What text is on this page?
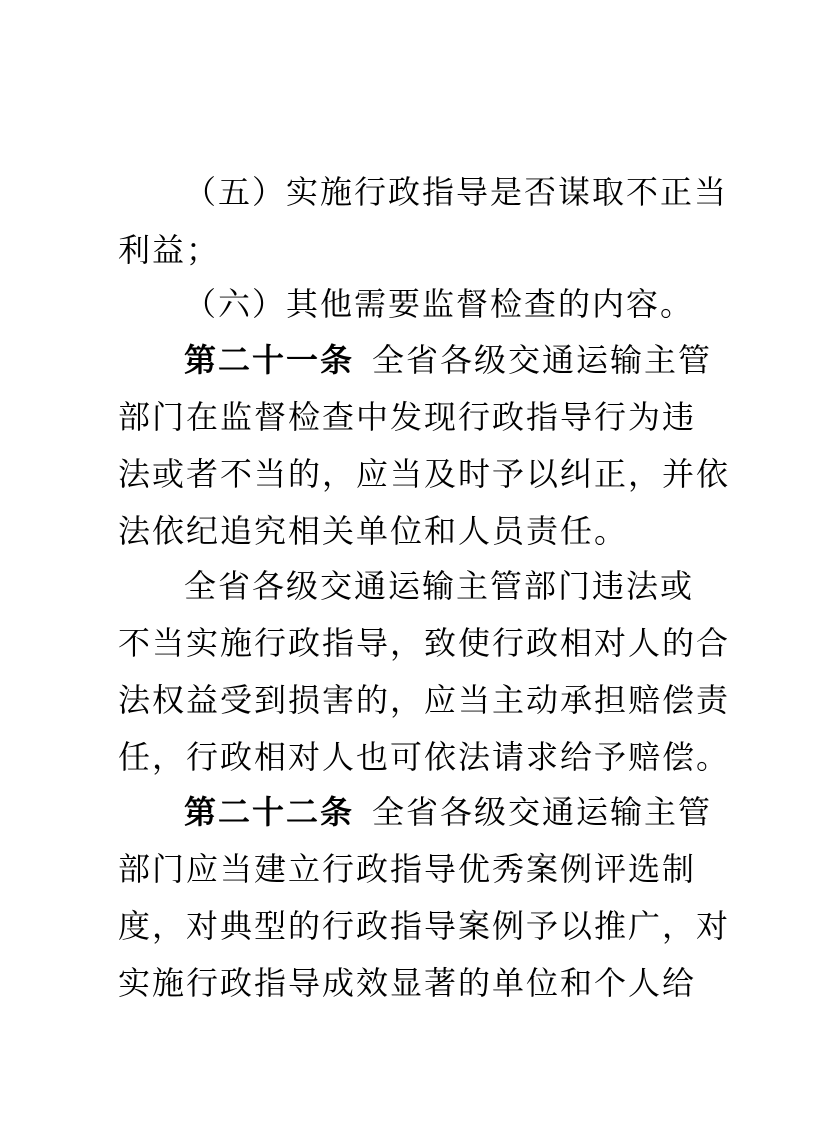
（五）实施行政指导是否谋取不正当
利益；
（六）其他需要监督检查的内容。
第二十一条 全省各级交通运输主管
部门在监督检查中发现行政指导行为违
法或者不当的，应当及时予以纠正，并依
法依纪追究相关单位和人员责任。
全省各级交通运输主管部门违法或
不当实施行政指导，致使行政相对人的合
法权益受到损害的，应当主动承担赔偿责
任，行政相对人也可依法请求给予赔偿。
第二十二条 全省各级交通运输主管
部门应当建立行政指导优秀案例评选制
度，对典型的行政指导案例予以推广，对
实施行政指导成效显著的单位和个人给
